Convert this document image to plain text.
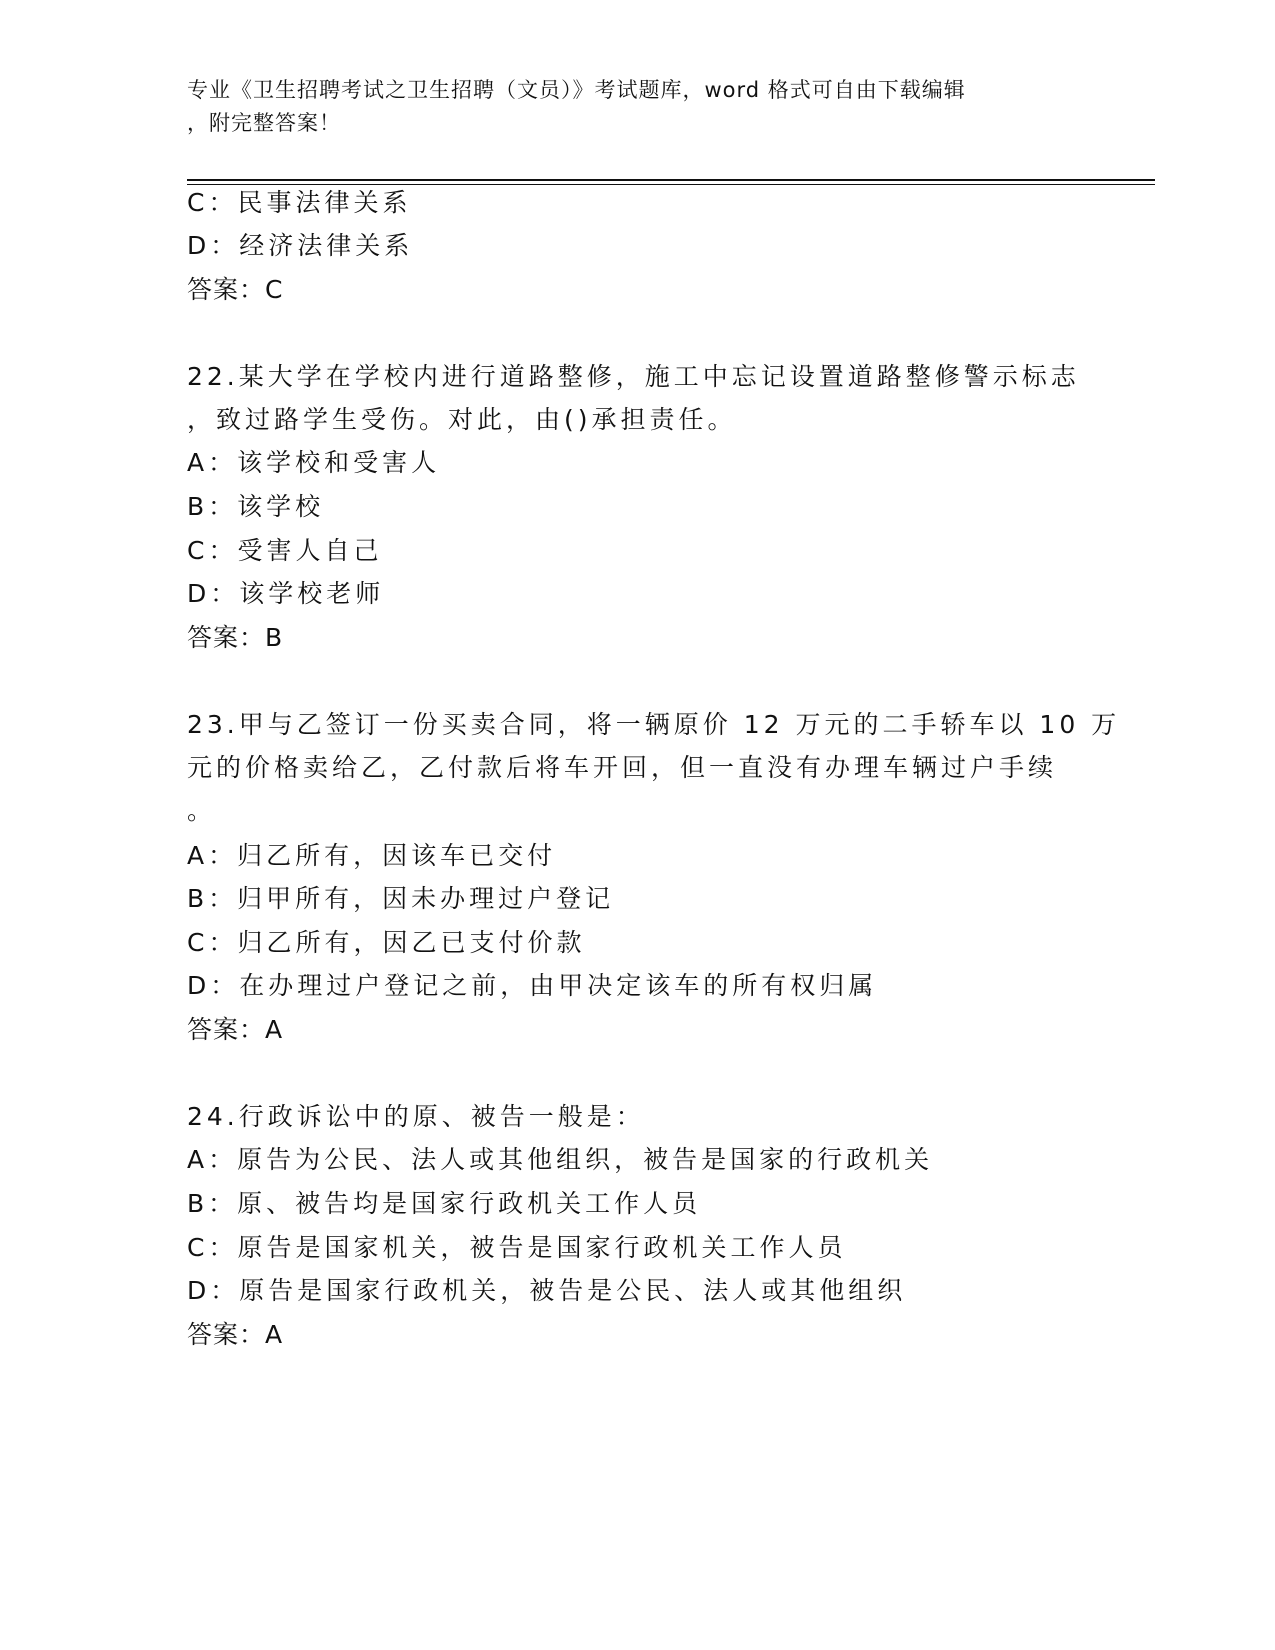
专业《卫生招聘考试之卫生招聘（文员）》考试题库，word 格式可自由下载编辑
，附完整答案！
C：民事法律关系
D：经济法律关系
答案：C
22.某大学在学校内进行道路整修，施工中忘记设置道路整修警示标志
，致过路学生受伤。对此，由()承担责任。
A：该学校和受害人
B：该学校
C：受害人自己
D：该学校老师
答案：B
23.甲与乙签订一份买卖合同，将一辆原价 12 万元的二手轿车以 10 万
元的价格卖给乙，乙付款后将车开回，但一直没有办理车辆过户手续
。
A：归乙所有，因该车已交付
B：归甲所有，因未办理过户登记
C：归乙所有，因乙已支付价款
D：在办理过户登记之前，由甲决定该车的所有权归属
答案：A
24.行政诉讼中的原、被告一般是：
A：原告为公民、法人或其他组织，被告是国家的行政机关
B：原、被告均是国家行政机关工作人员
C：原告是国家机关，被告是国家行政机关工作人员
D：原告是国家行政机关，被告是公民、法人或其他组织
答案：A
